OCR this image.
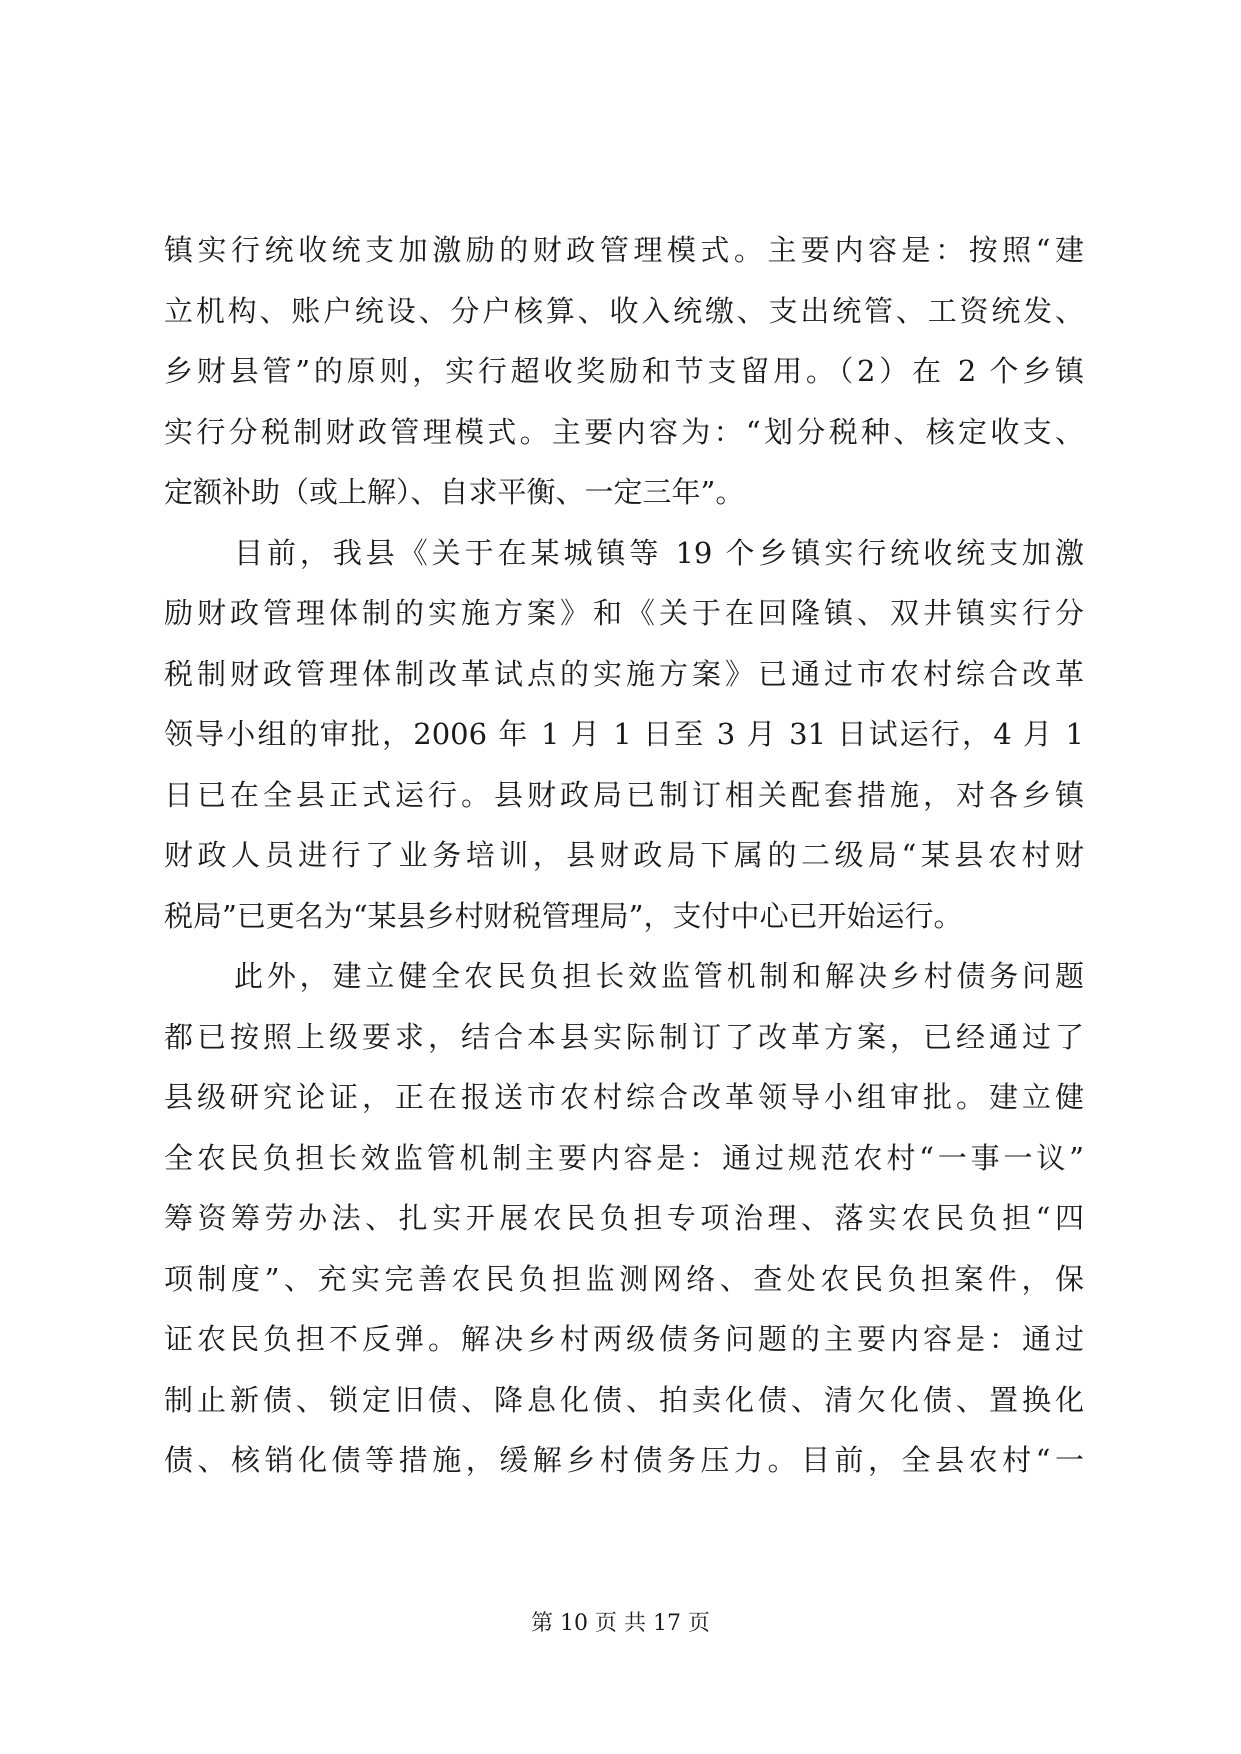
镇实行统收统支加激励的财政管理模式。主要内容是：按照“建
立机构、账户统设、分户核算、收入统缴、支出统管、工资统发、
乡财县管”的原则，实行超收奖励和节支留用。（2）在 2 个乡镇
实行分税制财政管理模式。主要内容为：“划分税种、核定收支、
定额补助（或上解）、自求平衡、一定三年”。
目前，我县《关于在某城镇等 19 个乡镇实行统收统支加激
励财政管理体制的实施方案》和《关于在回隆镇、双井镇实行分
税制财政管理体制改革试点的实施方案》已通过市农村综合改革
领导小组的审批，2006 年 1 月 1 日至 3 月 31 日试运行，4 月 1
日已在全县正式运行。县财政局已制订相关配套措施，对各乡镇
财政人员进行了业务培训，县财政局下属的二级局“某县农村财
税局”已更名为“某县乡村财税管理局”，支付中心已开始运行。
此外，建立健全农民负担长效监管机制和解决乡村债务问题
都已按照上级要求，结合本县实际制订了改革方案，已经通过了
县级研究论证，正在报送市农村综合改革领导小组审批。建立健
全农民负担长效监管机制主要内容是：通过规范农村“一事一议”
筹资筹劳办法、扎实开展农民负担专项治理、落实农民负担“四
项制度”、充实完善农民负担监测网络、查处农民负担案件，保
证农民负担不反弹。解决乡村两级债务问题的主要内容是：通过
制止新债、锁定旧债、降息化债、拍卖化债、清欠化债、置换化
债、核销化债等措施，缓解乡村债务压力。目前，全县农村“一
第 10 页 共 17 页
